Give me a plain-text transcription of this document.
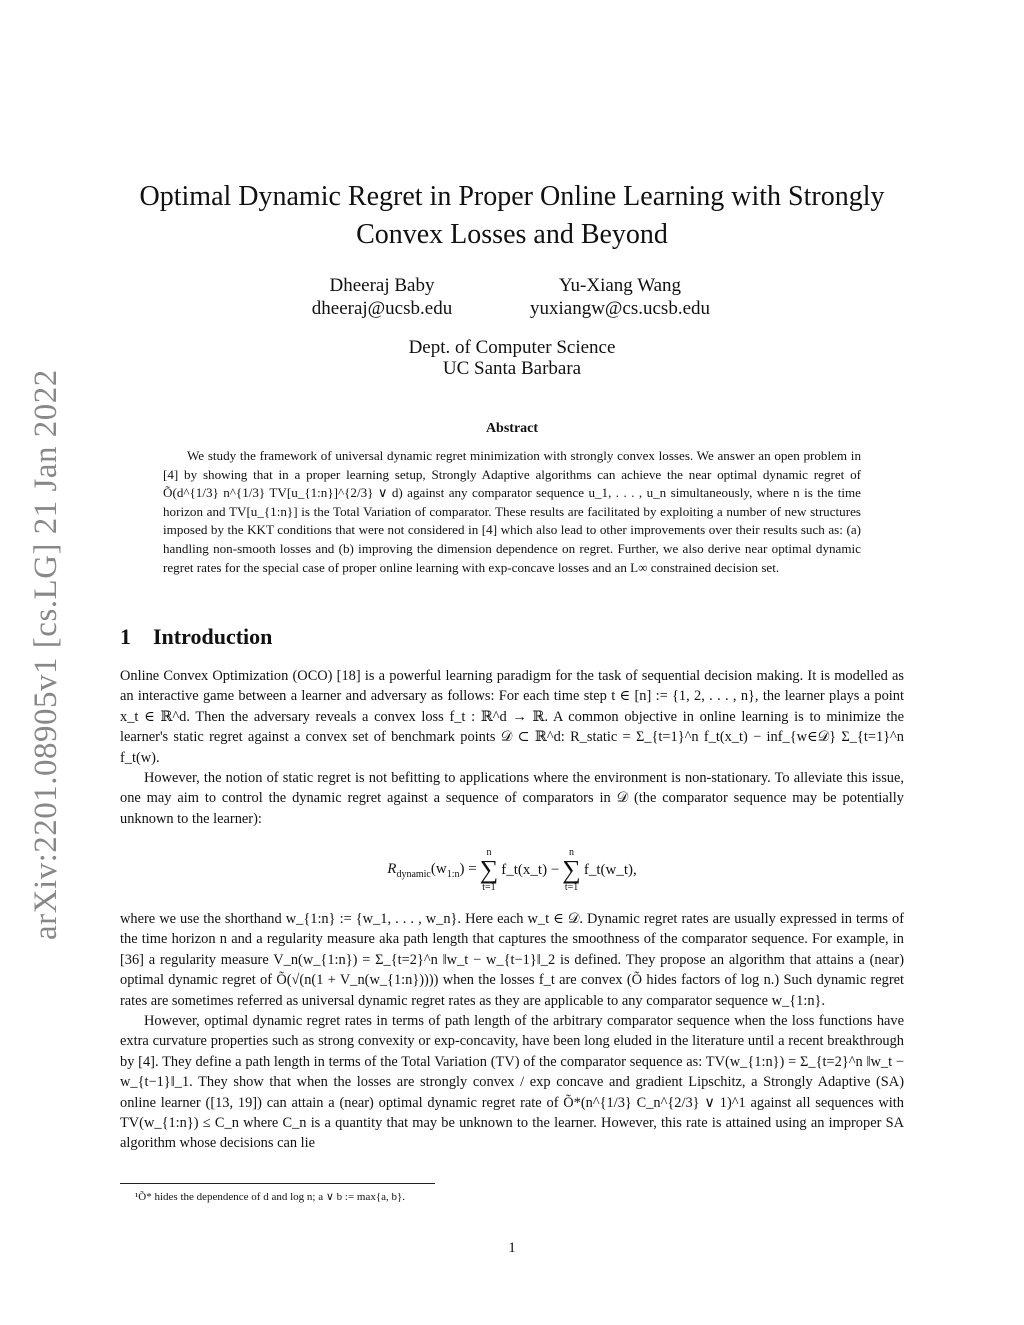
arXiv:2201.08905v1 [cs.LG] 21 Jan 2022
Optimal Dynamic Regret in Proper Online Learning with Strongly
Convex Losses and Beyond
Dheeraj Baby
dheeraj@ucsb.edu
Yu-Xiang Wang
yuxiangw@cs.ucsb.edu
Dept. of Computer Science
UC Santa Barbara
Abstract

We study the framework of universal dynamic regret minimization with strongly convex losses. We answer an open problem in [4] by showing that in a proper learning setup, Strongly Adaptive algorithms can achieve the near optimal dynamic regret of Õ(d^{1/3} n^{1/3} TV[u_{1:n}]^{2/3} ∨ d) against any comparator sequence u_1, . . . , u_n simultaneously, where n is the time horizon and TV[u_{1:n}] is the Total Variation of comparator. These results are facilitated by exploiting a number of new structures imposed by the KKT conditions that were not considered in [4] which also lead to other improvements over their results such as: (a) handling non-smooth losses and (b) improving the dimension dependence on regret. Further, we also derive near optimal dynamic regret rates for the special case of proper online learning with exp-concave losses and an L∞ constrained decision set.

1 Introduction

Online Convex Optimization (OCO) [18] is a powerful learning paradigm for the task of sequential decision making. It is modelled as an interactive game between a learner and adversary as follows: For each time step t ∈ [n] := {1, 2, . . . , n}, the learner plays a point x_t ∈ ℝ^d. Then the adversary reveals a convex loss f_t : ℝ^d → ℝ. A common objective in online learning is to minimize the learner's static regret against a convex set of benchmark points 𝒟 ⊂ ℝ^d: R_static = Σ_{t=1}^n f_t(x_t) − inf_{w∈𝒟} Σ_{t=1}^n f_t(w).

However, the notion of static regret is not befitting to applications where the environment is non-stationary. To alleviate this issue, one may aim to control the dynamic regret against a sequence of comparators in 𝒟 (the comparator sequence may be potentially unknown to the learner):

$R_{dynamic}(w_{1:n})$ =
n
∑
t=1
f_t(x_t) −
n
∑
t=1
f_t(w_t),

where we use the shorthand w_{1:n} := {w_1, . . . , w_n}. Here each w_t ∈ 𝒟. Dynamic regret rates are usually expressed in terms of the time horizon n and a regularity measure aka path length that captures the smoothness of the comparator sequence. For example, in [36] a regularity measure V_n(w_{1:n}) = Σ_{t=2}^n ‖w_t − w_{t−1}‖_2 is defined. They propose an algorithm that attains a (near) optimal dynamic regret of Õ(√(n(1 + V_n(w_{1:n})))) when the losses f_t are convex (Õ hides factors of log n.) Such dynamic regret rates are sometimes referred as universal dynamic regret rates as they are applicable to any comparator sequence w_{1:n}.

However, optimal dynamic regret rates in terms of path length of the arbitrary comparator sequence when the loss functions have extra curvature properties such as strong convexity or exp-concavity, have been long eluded in the literature until a recent breakthrough by [4]. They define a path length in terms of the Total Variation (TV) of the comparator sequence as: TV(w_{1:n}) = Σ_{t=2}^n ‖w_t − w_{t−1}‖_1. They show that when the losses are strongly convex / exp concave and gradient Lipschitz, a Strongly Adaptive (SA) online learner ([13, 19]) can attain a (near) optimal dynamic regret rate of Õ*(n^{1/3} C_n^{2/3} ∨ 1)^1 against all sequences with TV(w_{1:n}) ≤ C_n where C_n is a quantity that may be unknown to the learner. However, this rate is attained using an improper SA algorithm whose decisions can lie

¹Õ* hides the dependence of d and log n; a ∨ b := max{a, b}.
1
